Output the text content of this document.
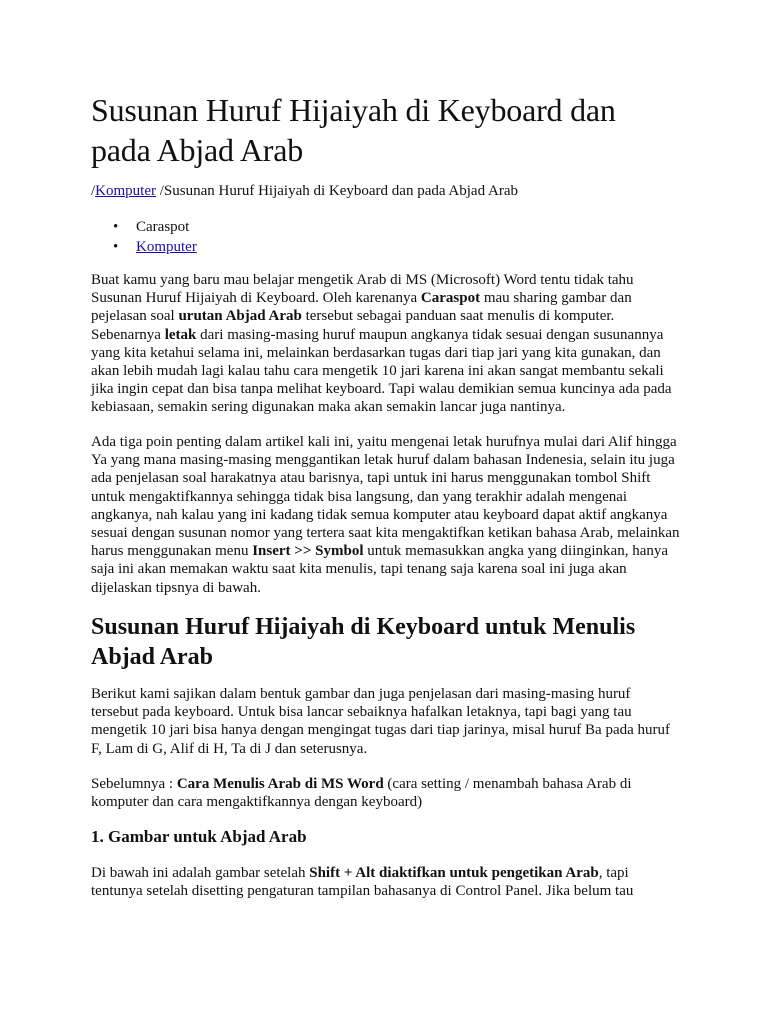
Susunan Huruf Hijaiyah di Keyboard dan pada Abjad Arab
/Komputer /Susunan Huruf Hijaiyah di Keyboard dan pada Abjad Arab
• Caraspot
• Komputer

Buat kamu yang baru mau belajar mengetik Arab di MS (Microsoft) Word tentu tidak tahu Susunan Huruf Hijaiyah di Keyboard. Oleh karenanya Caraspot mau sharing gambar dan pejelasan soal urutan Abjad Arab tersebut sebagai panduan saat menulis di komputer. Sebenarnya letak dari masing-masing huruf maupun angkanya tidak sesuai dengan susunannya yang kita ketahui selama ini, melainkan berdasarkan tugas dari tiap jari yang kita gunakan, dan akan lebih mudah lagi kalau tahu cara mengetik 10 jari karena ini akan sangat membantu sekali jika ingin cepat dan bisa tanpa melihat keyboard. Tapi walau demikian semua kuncinya ada pada kebiasaan, semakin sering digunakan maka akan semakin lancar juga nantinya.

Ada tiga poin penting dalam artikel kali ini, yaitu mengenai letak hurufnya mulai dari Alif hingga Ya yang mana masing-masing menggantikan letak huruf dalam bahasan Indenesia, selain itu juga ada penjelasan soal harakatnya atau barisnya, tapi untuk ini harus menggunakan tombol Shift untuk mengaktifkannya sehingga tidak bisa langsung, dan yang terakhir adalah mengenai angkanya, nah kalau yang ini kadang tidak semua komputer atau keyboard dapat aktif angkanya sesuai dengan susunan nomor yang tertera saat kita mengaktifkan ketikan bahasa Arab, melainkan harus menggunakan menu Insert >> Symbol untuk memasukkan angka yang diinginkan, hanya saja ini akan memakan waktu saat kita menulis, tapi tenang saja karena soal ini juga akan dijelaskan tipsnya di bawah.

Susunan Huruf Hijaiyah di Keyboard untuk Menulis Abjad Arab

Berikut kami sajikan dalam bentuk gambar dan juga penjelasan dari masing-masing huruf tersebut pada keyboard. Untuk bisa lancar sebaiknya hafalkan letaknya, tapi bagi yang tau mengetik 10 jari bisa hanya dengan mengingat tugas dari tiap jarinya, misal huruf Ba pada huruf F, Lam di G, Alif di H, Ta di J dan seterusnya.

Sebelumnya : Cara Menulis Arab di MS Word (cara setting / menambah bahasa Arab di komputer dan cara mengaktifkannya dengan keyboard)

1. Gambar untuk Abjad Arab

Di bawah ini adalah gambar setelah Shift + Alt diaktifkan untuk pengetikan Arab, tapi tentunya setelah disetting pengaturan tampilan bahasanya di Control Panel. Jika belum tau
